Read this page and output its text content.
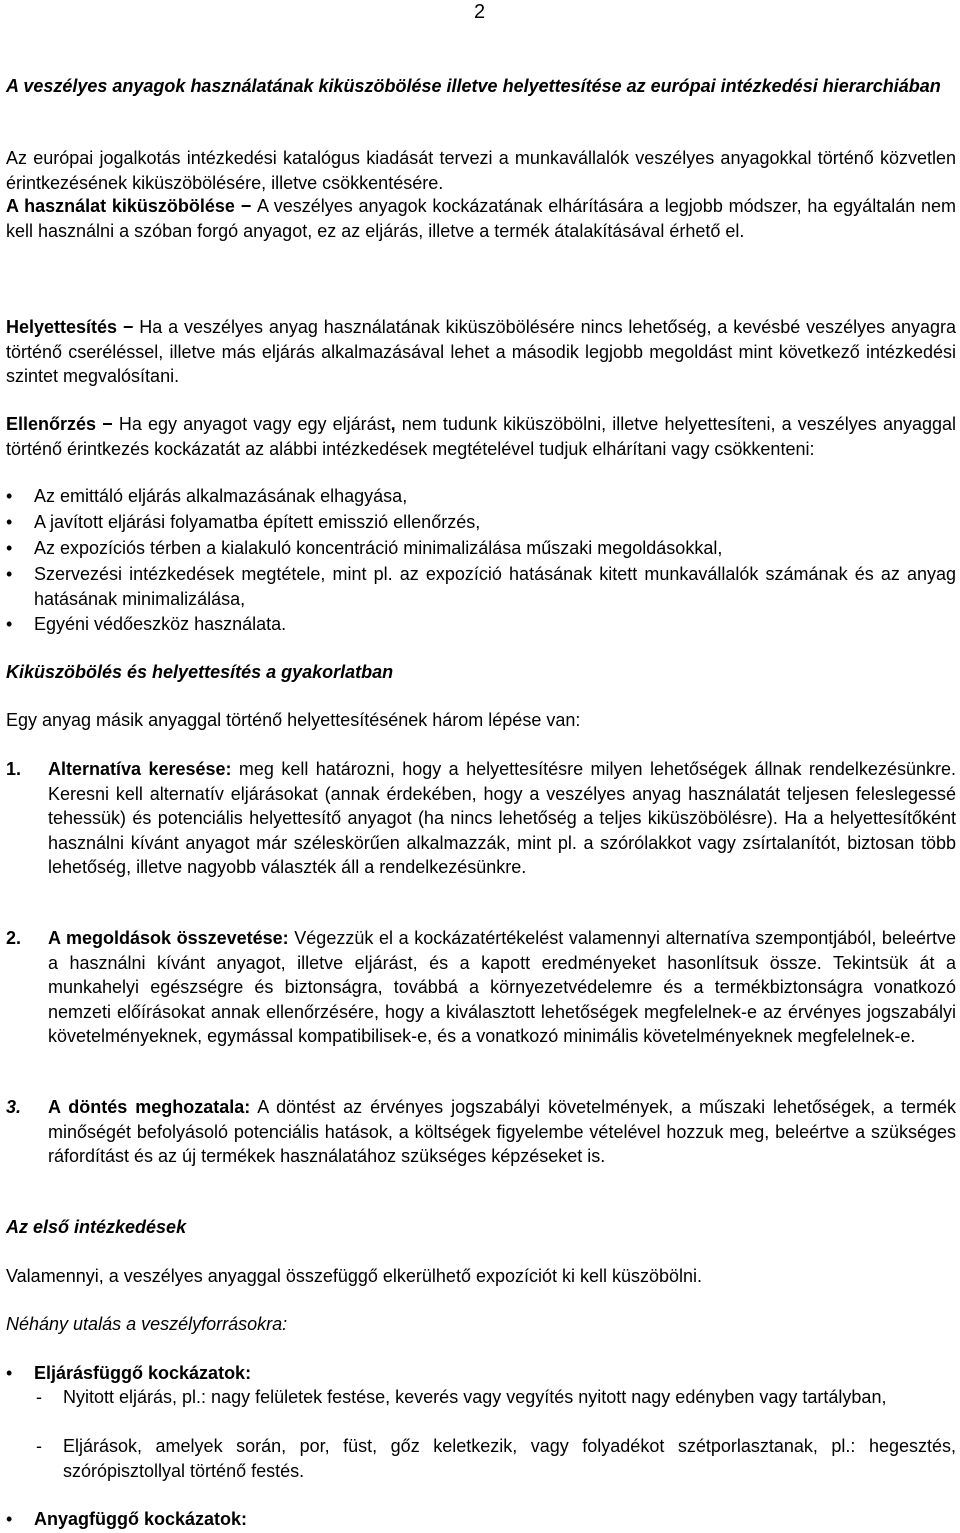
2

A veszélyes anyagok használatának kiküszöbölése illetve helyettesítése az európai intézkedési hierarchiában

Az európai jogalkotás intézkedési katalógus kiadását tervezi a munkavállalók veszélyes anyagokkal történő közvetlen érintkezésének kiküszöbölésére, illetve csökkentésére.

A használat kiküszöbölése − A veszélyes anyagok kockázatának elhárítására a legjobb módszer, ha egyáltalán nem kell használni a szóban forgó anyagot, ez az eljárás, illetve a termék átalakításával érhető el.

Helyettesítés − Ha a veszélyes anyag használatának kiküszöbölésére nincs lehetőség, a kevésbé veszélyes anyagra történő cseréléssel, illetve más eljárás alkalmazásával lehet a második legjobb megoldást mint következő intézkedési szintet megvalósítani.

Ellenőrzés − Ha egy anyagot vagy egy eljárást, nem tudunk kiküszöbölni, illetve helyettesíteni, a veszélyes anyaggal történő érintkezés kockázatát az alábbi intézkedések megtételével tudjuk elhárítani vagy csökkenteni:

• Az emittáló eljárás alkalmazásának elhagyása,

• A javított eljárási folyamatba épített emisszió ellenőrzés,

• Az expozíciós térben a kialakuló koncentráció minimalizálása műszaki megoldásokkal,

• Szervezési intézkedések megtétele, mint pl. az expozíció hatásának kitett munkavállalók számának és az anyag hatásának minimalizálása,

• Egyéni védőeszköz használata.

Kiküszöbölés és helyettesítés a gyakorlatban

Egy anyag másik anyaggal történő helyettesítésének három lépése van:

1. Alternatíva keresése: meg kell határozni, hogy a helyettesítésre milyen lehetőségek állnak rendelkezésünkre. Keresni kell alternatív eljárásokat (annak érdekében, hogy a veszélyes anyag használatát teljesen feleslegessé tehessük) és potenciális helyettesítő anyagot (ha nincs lehetőség a teljes kiküszöbölésre). Ha a helyettesítőként használni kívánt anyagot már széleskörűen alkalmazzák, mint pl. a szórólakkot vagy zsírtalanítót, biztosan több lehetőség, illetve nagyobb választék áll a rendelkezésünkre.

2. A megoldások összevetése: Végezzük el a kockázatértékelést valamennyi alternatíva szempontjából, beleértve a használni kívánt anyagot, illetve eljárást, és a kapott eredményeket hasonlítsuk össze. Tekintsük át a munkahelyi egészségre és biztonságra, továbbá a környezetvédelemre és a termékbiztonságra vonatkozó nemzeti előírásokat annak ellenőrzésére, hogy a kiválasztott lehetőségek megfelelnek-e az érvényes jogszabályi követelményeknek, egymással kompatibilisek-e, és a vonatkozó minimális követelményeknek megfelelnek-e.

3. A döntés meghozatala: A döntést az érvényes jogszabályi követelmények, a műszaki lehetőségek, a termék minőségét befolyásoló potenciális hatások, a költségek figyelembe vételével hozzuk meg, beleértve a szükséges ráfordítást és az új termékek használatához szükséges képzéseket is.

Az első intézkedések

Valamennyi, a veszélyes anyaggal összefüggő elkerülhető expozíciót ki kell küszöbölni.

Néhány utalás a veszélyforrásokra:

• Eljárásfüggő kockázatok:

- Nyitott eljárás, pl.: nagy felületek festése, keverés vagy vegyítés nyitott nagy edényben vagy tartályban,

- Eljárások, amelyek során, por, füst, gőz keletkezik, vagy folyadékot szétporlasztanak, pl.: hegesztés, szórópisztollyal történő festés.

• Anyagfüggő kockázatok:
